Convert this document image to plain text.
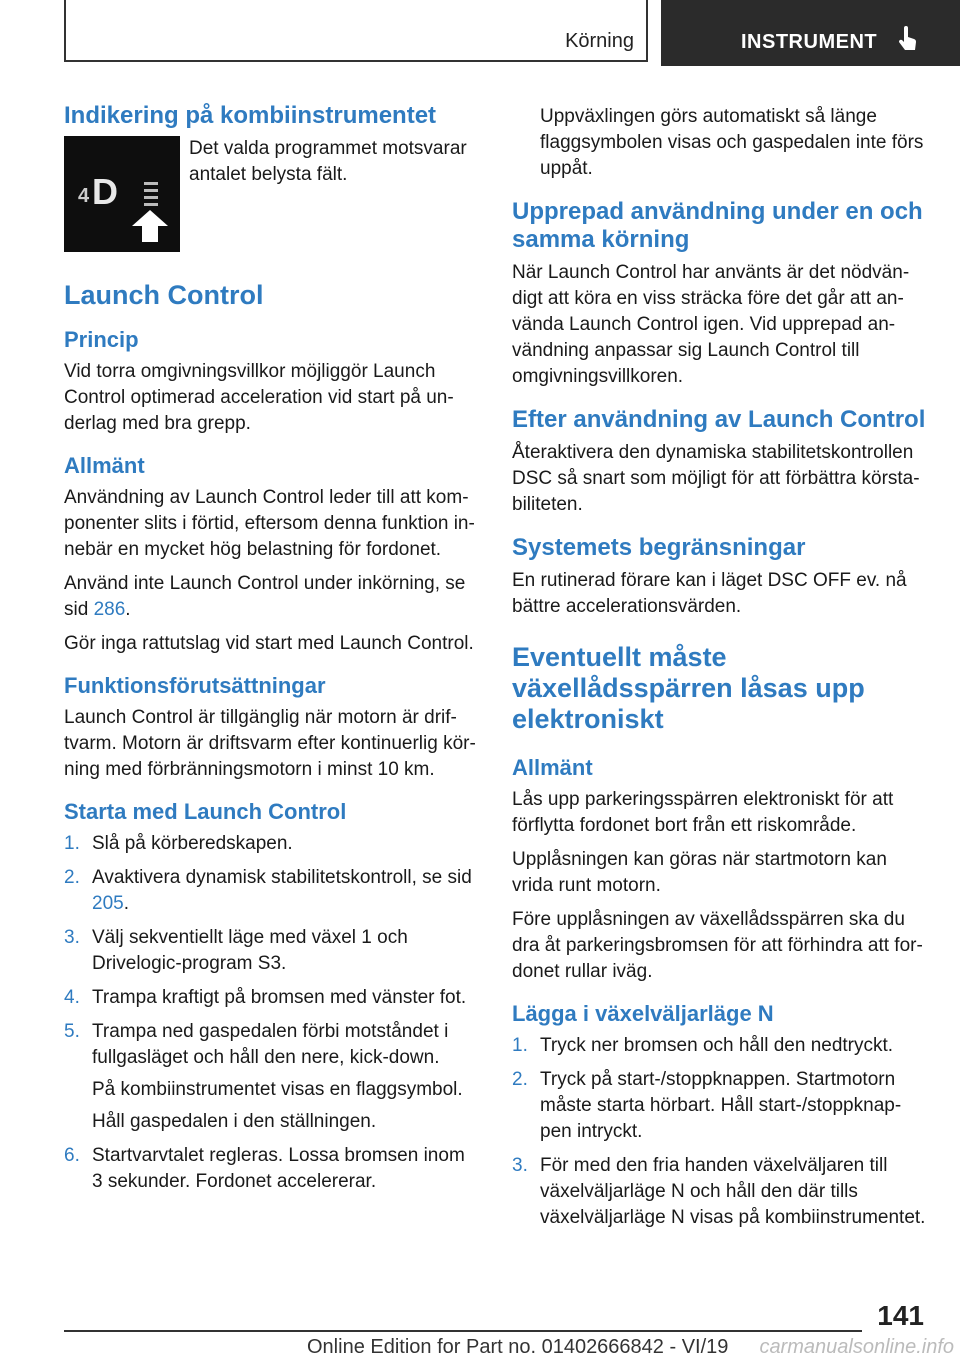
Körning	INSTRUMENT
Indikering på kombiinstrumentet
4 D

Det valda programmet motsvarar antalet belysta fält.

Launch Control
Princip

Vid torra omgivningsvillkor möjliggör Launch Control optimerad acceleration vid start på underlag med bra grepp.

Allmänt

Användning av Launch Control leder till att komponenter slits i förtid, eftersom denna funktion innebär en mycket hög belastning för fordonet.

Använd inte Launch Control under inkörning, se sid 286.

Gör inga rattutslag vid start med Launch Control.

Funktionsförutsättningar

Launch Control är tillgänglig när motorn är driftvarm. Motorn är driftsvarm efter kontinuerlig körning med förbränningsmotorn i minst 10 km.

Starta med Launch Control
1. Slå på körberedskapen.
2. Avaktivera dynamisk stabilitetskontroll, se sid 205.
3. Välj sekventiellt läge med växel 1 och Drivelogic-program S3.
4. Trampa kraftigt på bromsen med vänster fot.
5. Trampa ned gaspedalen förbi motståndet i fullgasläget och håll den nere, kick-down.

På kombiinstrumentet visas en flaggsymbol.

Håll gaspedalen i den ställningen.

6. Startvarvtalet regleras. Lossa bromsen inom 3 sekunder. Fordonet accelererar.

Uppväxlingen görs automatiskt så länge flaggsymbolen visas och gaspedalen inte förs uppåt.

Upprepad användning under en och samma körning

När Launch Control har använts är det nödvändigt att köra en viss sträcka före det går att använda Launch Control igen. Vid upprepad användning anpassar sig Launch Control till omgivningsvillkoren.

Efter användning av Launch Control

Återaktivera den dynamiska stabilitetskontrollen DSC så snart som möjligt för att förbättra körstabiliteten.

Systemets begränsningar

En rutinerad förare kan i läget DSC OFF ev. nå bättre accelerationsvärden.

Eventuellt måste växellådsspärren låsas upp elektroniskt
Allmänt

Lås upp parkeringsspärren elektroniskt för att förflytta fordonet bort från ett riskområde.

Upplåsningen kan göras när startmotorn kan vrida runt motorn.

Före upplåsningen av växellådsspärren ska du dra åt parkeringsbromsen för att förhindra att fordonet rullar iväg.

Lägga i växelväljarläge N
1. Tryck ner bromsen och håll den nedtryckt.
2. Tryck på start-/stoppknappen. Startmotorn måste starta hörbart. Håll start-/stoppknappen intryckt.
3. För med den fria handen växelväljaren till växelväljarläge N och håll den där tills växelväljarläge N visas på kombiinstrumentet.
141
Online Edition for Part no. 01402666842 - VI/19 carmanualsonline.info
